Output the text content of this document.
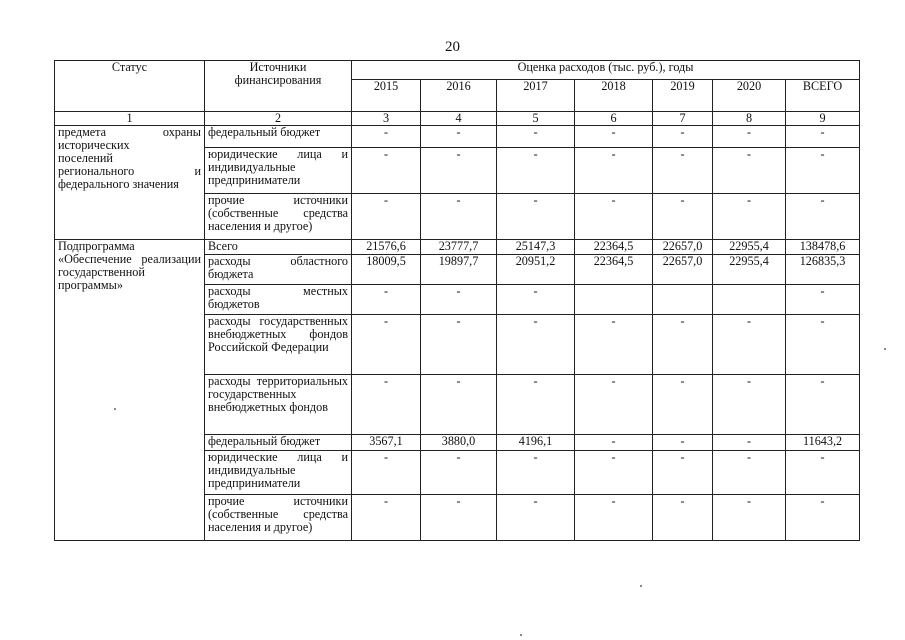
20
Статус	Источники финансирования	Оценка расходов (тыс. руб.), годы						
		2015	2016	2017	2018	2019	2020	ВСЕГО
1	2	3	4	5	6	7	8	9

предмета охраны
исторических
поселений
регионального и
федерального значения	федеральный бюджет	-	-	-	-	-	-	-
	юридические лица и индивидуальные предприниматели	-	-	-	-	-	-	-
	прочие источники (собственные средства населения и другое)	-	-	-	-	-	-	-

Подпрограмма
«Обеспечение реализации
государственной
программы»	Всего	21576,6	23777,7	25147,3	22364,5	22657,0	22955,4	138478,6
	расходы областного бюджета	18009,5	19897,7	20951,2	22364,5	22657,0	22955,4	126835,3
	расходы местных бюджетов	-	-	-				-
	расходы государственных внебюджетных фондов Российской Федерации	-	-	-	-	-	-	-
	расходы территориальных государственных внебюджетных фондов	-	-	-	-	-	-	-
	федеральный бюджет	3567,1	3880,0	4196,1	-	-	-	11643,2
	юридические лица и индивидуальные предприниматели	-	-	-	-	-	-	-
	прочие источники (собственные средства населения и другое)	-	-	-	-	-	-	-
